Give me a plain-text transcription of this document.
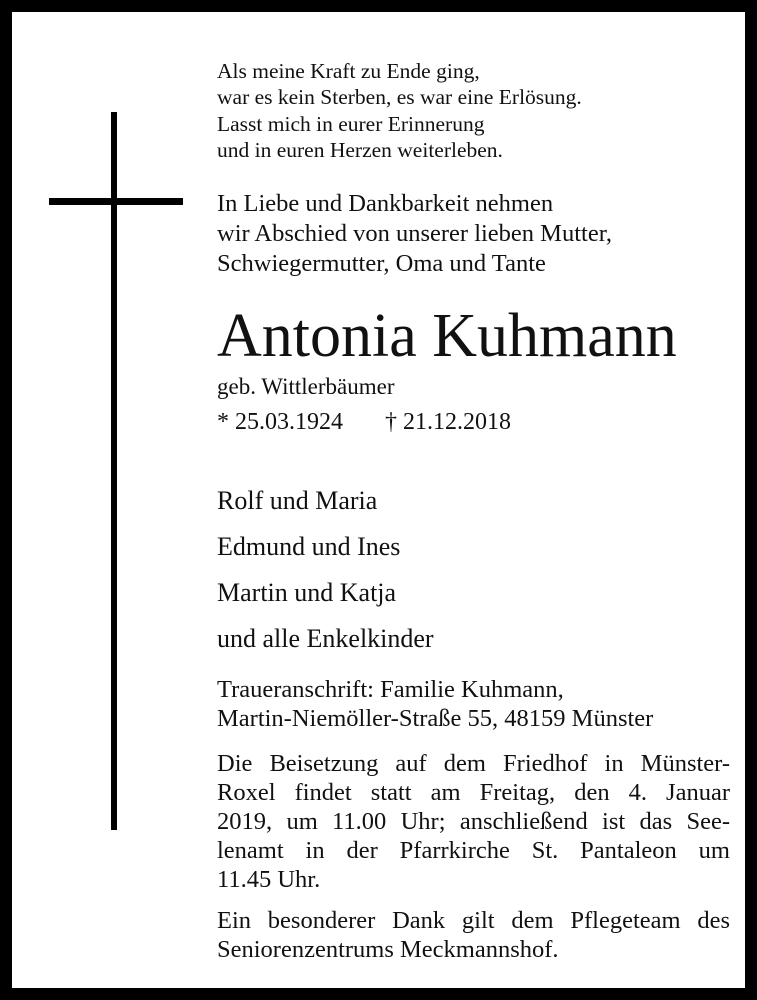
Als meine Kraft zu Ende ging,
war es kein Sterben, es war eine Erlösung.
Lasst mich in eurer Erinnerung
und in euren Herzen weiterleben.
In Liebe und Dankbarkeit nehmen
wir Abschied von unserer lieben Mutter,
Schwiegermutter, Oma und Tante
Antonia Kuhmann
geb. Wittlerbäumer
* 25.03.1924 † 21.12.2018
Rolf und Maria
Edmund und Ines
Martin und Katja
und alle Enkelkinder
Traueranschrift: Familie Kuhmann,
Martin-Niemöller-Straße 55, 48159 Münster
Die Beisetzung auf dem Friedhof in Münster-
Roxel findet statt am Freitag, den 4. Januar
2019, um 11.00 Uhr; anschließend ist das See-
lenamt in der Pfarrkirche St. Pantaleon um
11.45 Uhr.
Ein besonderer Dank gilt dem Pflegeteam des
Seniorenzentrums Meckmannshof.
